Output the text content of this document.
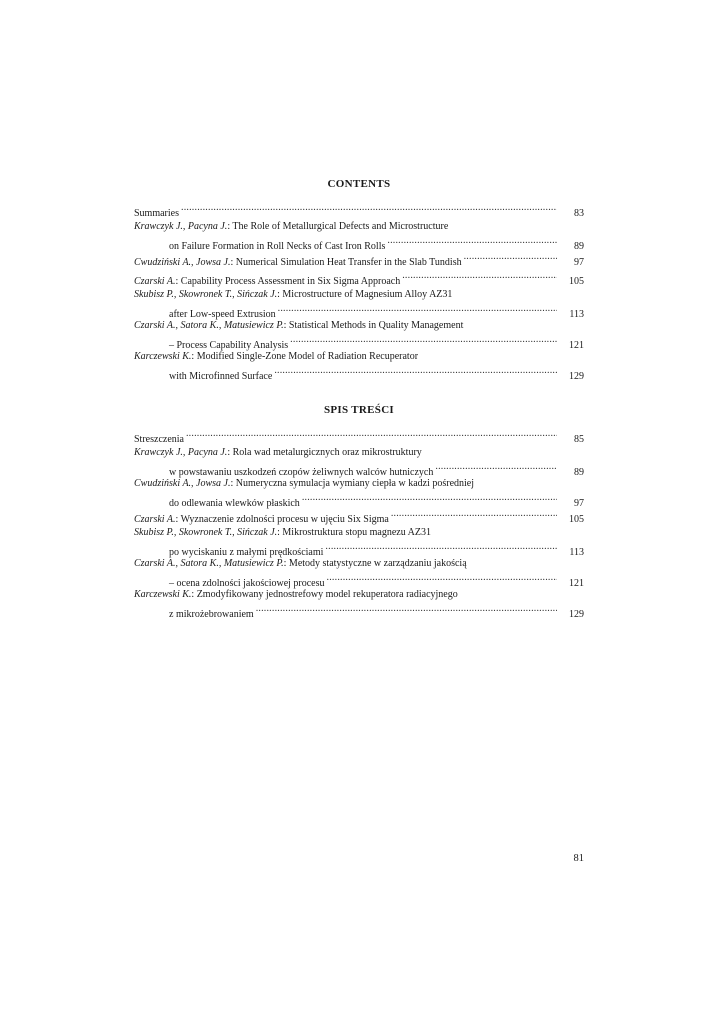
CONTENTS
Summaries .....	83
Krawczyk J., Pacyna J. : The Role of Metallurgical Defects and Microstructure
on Failure Formation in Roll Necks of Cast Iron Rolls .....	89
Cwudziński A., Jowsa J. : Numerical Simulation Heat Transfer in the Slab Tundish .....	97
Czarski A. : Capability Process Assessment in Six Sigma Approach .....	105
Skubisz P., Skowronek T., Sińczak J. : Microstructure of Magnesium Alloy AZ31
after Low-speed Extrusion .....	113
Czarski A., Satora K., Matusiewicz P. : Statistical Methods in Quality Management
– Process Capability Analysis .....	121
Karczewski K. : Modified Single-Zone Model of Radiation Recuperator
with Microfinned Surface .....	129
SPIS TREŚCI
Streszczenia .....	85
Krawczyk J., Pacyna J. : Rola wad metalurgicznych oraz mikrostruktury
w powstawaniu uszkodzeń czopów żeliwnych walców hutniczych .....	89
Cwudziński A., Jowsa J. : Numeryczna symulacja wymiany ciepła w kadzi pośredniej
do odlewania wlewków płaskich .....	97
Czarski A. : Wyznaczenie zdolności procesu w ujęciu Six Sigma .....	105
Skubisz P., Skowronek T., Sińczak J. : Mikrostruktura stopu magnezu AZ31
po wyciskaniu z małymi prędkościami .....	113
Czarski A., Satora K., Matusiewicz P. : Metody statystyczne w zarządzaniu jakością
– ocena zdolności jakościowej procesu .....	121
Karczewski K. : Zmodyfikowany jednostrefowy model rekuperatora radiacyjnego
z mikrożebrowaniem .....	129
81
